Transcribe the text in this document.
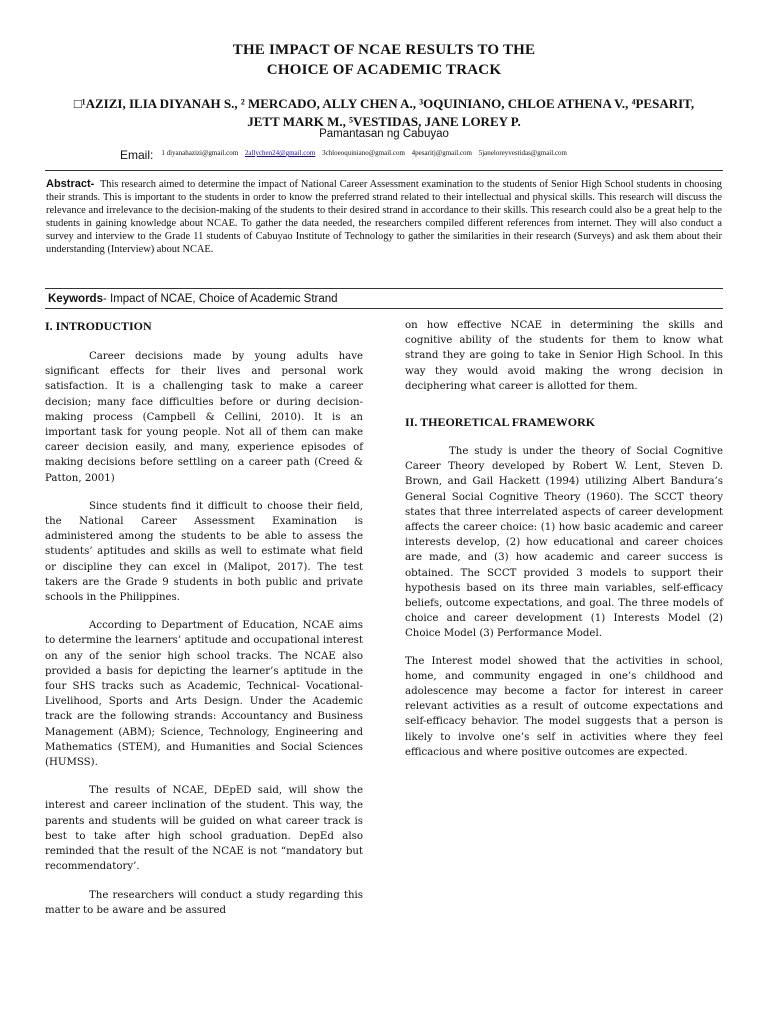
THE IMPACT OF NCAE RESULTS TO THE
CHOICE OF ACADEMIC TRACK
□¹AZIZI, ILIA DIYANAH S., ² MERCADO, ALLY CHEN A., ³OQUINIANO, CHLOE ATHENA V., ⁴PESARIT,
JETT MARK M., ⁵VESTIDAS, JANE LOREY P.
Pamantasan ng Cabuyao
$_{Email:}$ 1 diyanahazizi@gmail.com 2allychen24@gmail.com 3chloeoquiniano@gmail.com 4pesaritj@gmail.com 5janeloreyvestidas@gmail.com
Abstract- This research aimed to determine the impact of National Career Assessment examination to the students of Senior High School students in choosing their strands. This is important to the students in order to know the preferred strand related to their intellectual and physical skills. This research will discuss the relevance and irrelevance to the decision-making of the students to their desired strand in accordance to their skills. This research could also be a great help to the students in gaining knowledge about NCAE. To gather the data needed, the researchers compiled different references from internet. They will also conduct a survey and interview to the Grade 11 students of Cabuyao Institute of Technology to gather the similarities in their research (Surveys) and ask them about their understanding (Interview) about NCAE.
Keywords- Impact of NCAE, Choice of Academic Strand
I. INTRODUCTION

Career decisions made by young adults have significant effects for their lives and personal work satisfaction. It is a challenging task to make a career decision; many face difficulties before or during decision-making process (Campbell & Cellini, 2010). It is an important task for young people. Not all of them can make career decision easily, and many, experience episodes of making decisions before settling on a career path (Creed & Patton, 2001)

Since students find it difficult to choose their field, the National Career Assessment Examination is administered among the students to be able to assess the students’ aptitudes and skills as well to estimate what field or discipline they can excel in (Malipot, 2017). The test takers are the Grade 9 students in both public and private schools in the Philippines.

According to Department of Education, NCAE aims to determine the learners’ aptitude and occupational interest on any of the senior high school tracks. The NCAE also provided a basis for depicting the learner’s aptitude in the four SHS tracks such as Academic, Technical- Vocational-Livelihood, Sports and Arts Design. Under the Academic track are the following strands: Accountancy and Business Management (ABM); Science, Technology, Engineering and Mathematics (STEM), and Humanities and Social Sciences (HUMSS).

The results of NCAE, DEpED said, will show the interest and career inclination of the student. This way, the parents and students will be guided on what career track is best to take after high school graduation. DepEd also reminded that the result of the NCAE is not “mandatory but recommendatory’.

The researchers will conduct a study regarding this matter to be aware and be assured

on how effective NCAE in determining the skills and cognitive ability of the students for them to know what strand they are going to take in Senior High School. In this way they would avoid making the wrong decision in deciphering what career is allotted for them.

II. THEORETICAL FRAMEWORK

The study is under the theory of Social Cognitive Career Theory developed by Robert W. Lent, Steven D. Brown, and Gail Hackett (1994) utilizing Albert Bandura’s General Social Cognitive Theory (1960). The SCCT theory states that three interrelated aspects of career development affects the career choice: (1) how basic academic and career interests develop, (2) how educational and career choices are made, and (3) how academic and career success is obtained. The SCCT provided 3 models to support their hypothesis based on its three main variables, self-efficacy beliefs, outcome expectations, and goal. The three models of choice and career development (1) Interests Model (2) Choice Model (3) Performance Model.

The Interest model showed that the activities in school, home, and community engaged in one’s childhood and adolescence may become a factor for interest in career relevant activities as a result of outcome expectations and self-efficacy behavior. The model suggests that a person is likely to involve one’s self in activities where they feel efficacious and where positive outcomes are expected.
